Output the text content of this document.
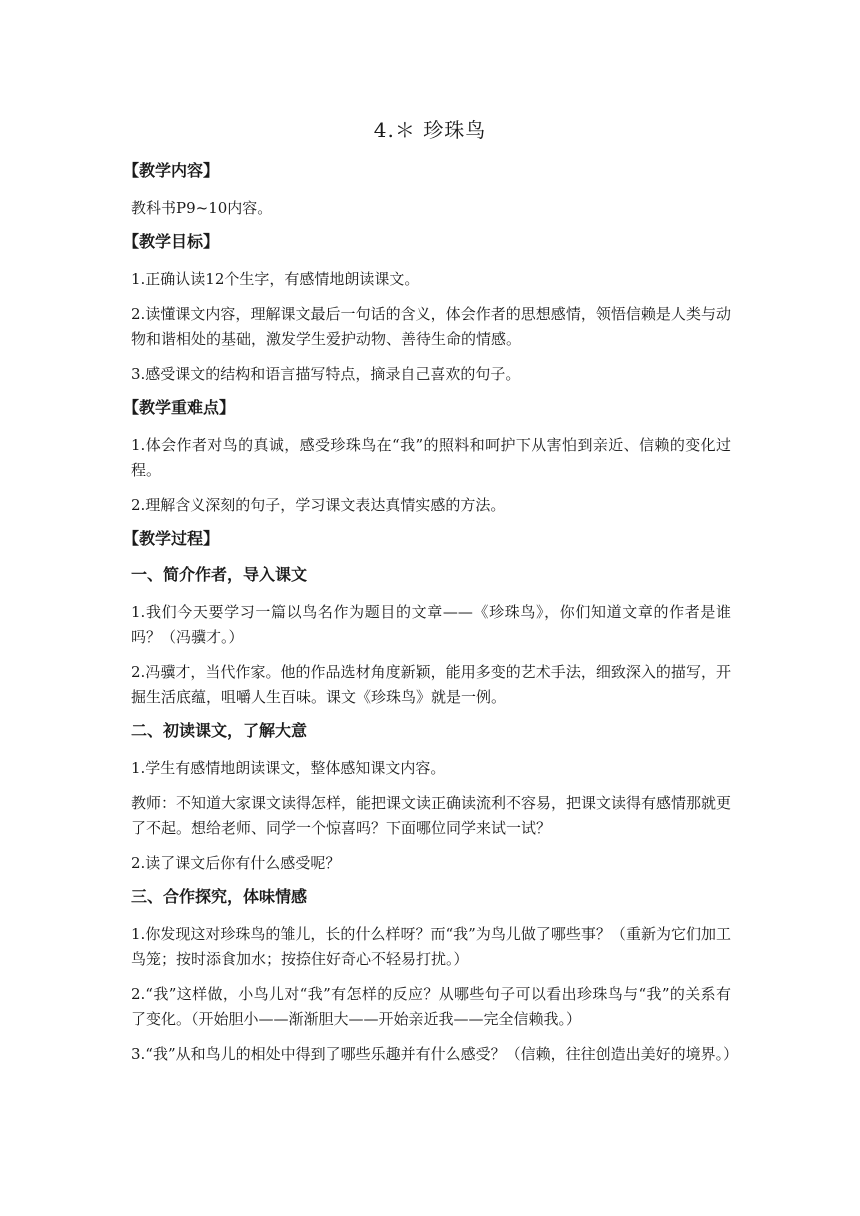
4.＊ 珍珠鸟
【教学内容】
教科书P9~10内容。
【教学目标】
1.正确认读12个生字，有感情地朗读课文。
2.读懂课文内容，理解课文最后一句话的含义，体会作者的思想感情，领悟信赖是人类与动物和谐相处的基础，激发学生爱护动物、善待生命的情感。
3.感受课文的结构和语言描写特点，摘录自己喜欢的句子。
【教学重难点】
1.体会作者对鸟的真诚，感受珍珠鸟在“我”的照料和呵护下从害怕到亲近、信赖的变化过程。
2.理解含义深刻的句子，学习课文表达真情实感的方法。
【教学过程】
一、简介作者，导入课文
1.我们今天要学习一篇以鸟名作为题目的文章——《珍珠鸟》，你们知道文章的作者是谁吗？（冯骥才。）
2.冯骥才，当代作家。他的作品选材角度新颖，能用多变的艺术手法，细致深入的描写，开掘生活底蕴，咀嚼人生百味。课文《珍珠鸟》就是一例。
二、初读课文，了解大意
1.学生有感情地朗读课文，整体感知课文内容。
教师：不知道大家课文读得怎样，能把课文读正确读流利不容易，把课文读得有感情那就更了不起。想给老师、同学一个惊喜吗？下面哪位同学来试一试？
2.读了课文后你有什么感受呢？
三、合作探究，体味情感
1.你发现这对珍珠鸟的雏儿，长的什么样呀？而“我”为鸟儿做了哪些事？（重新为它们加工鸟笼；按时添食加水；按捺住好奇心不轻易打扰。）
2.“我”这样做，小鸟儿对“我”有怎样的反应？从哪些句子可以看出珍珠鸟与“我”的关系有了变化。（开始胆小——渐渐胆大——开始亲近我——完全信赖我。）
3.“我”从和鸟儿的相处中得到了哪些乐趣并有什么感受？（信赖，往往创造出美好的境界。）
